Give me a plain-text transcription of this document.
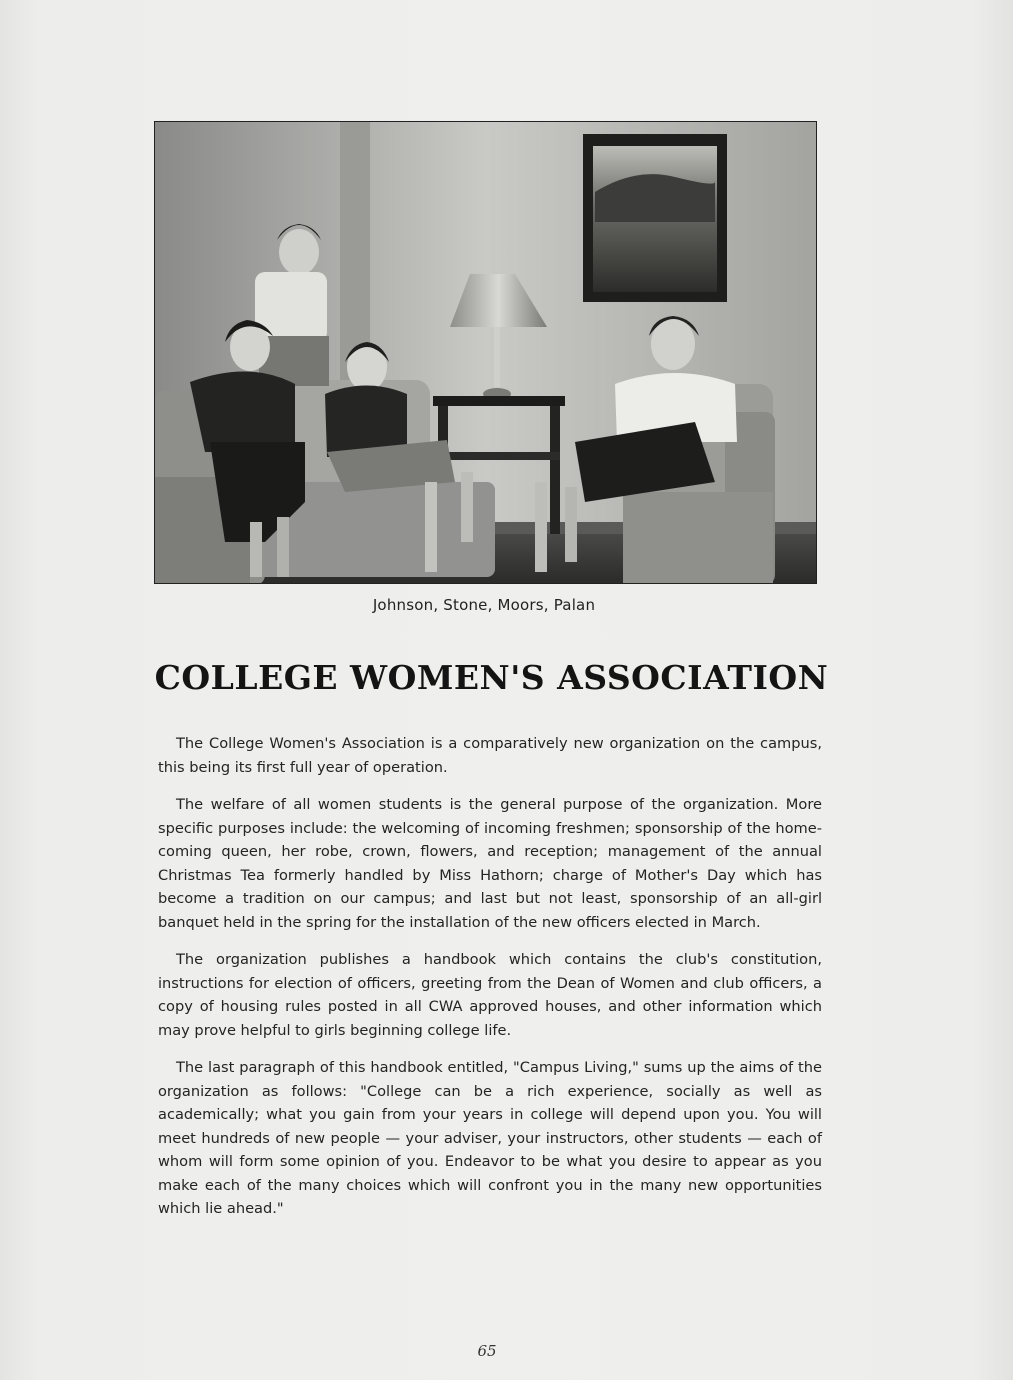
Johnson, Stone, Moors, Palan
COLLEGE WOMEN'S ASSOCIATION

The College Women's Association is a comparatively new organization on the campus, this being its first full year of operation.

The welfare of all women students is the general purpose of the organization. More specific purposes include: the welcoming of incoming freshmen; sponsorship of the home-coming queen, her robe, crown, flowers, and reception; management of the annual Christmas Tea formerly handled by Miss Hathorn; charge of Mother's Day which has become a tradition on our campus; and last but not least, sponsorship of an all-girl banquet held in the spring for the installation of the new officers elected in March.

The organization publishes a handbook which contains the club's constitution, instructions for election of officers, greeting from the Dean of Women and club officers, a copy of housing rules posted in all CWA approved houses, and other information which may prove helpful to girls beginning college life.

The last paragraph of this handbook entitled, "Campus Living," sums up the aims of the organization as follows: "College can be a rich experience, socially as well as academically; what you gain from your years in college will depend upon you. You will meet hundreds of new people — your adviser, your instructors, other students — each of whom will form some opinion of you. Endeavor to be what you desire to appear as you make each of the many choices which will confront you in the many new opportunities which lie ahead."

65
